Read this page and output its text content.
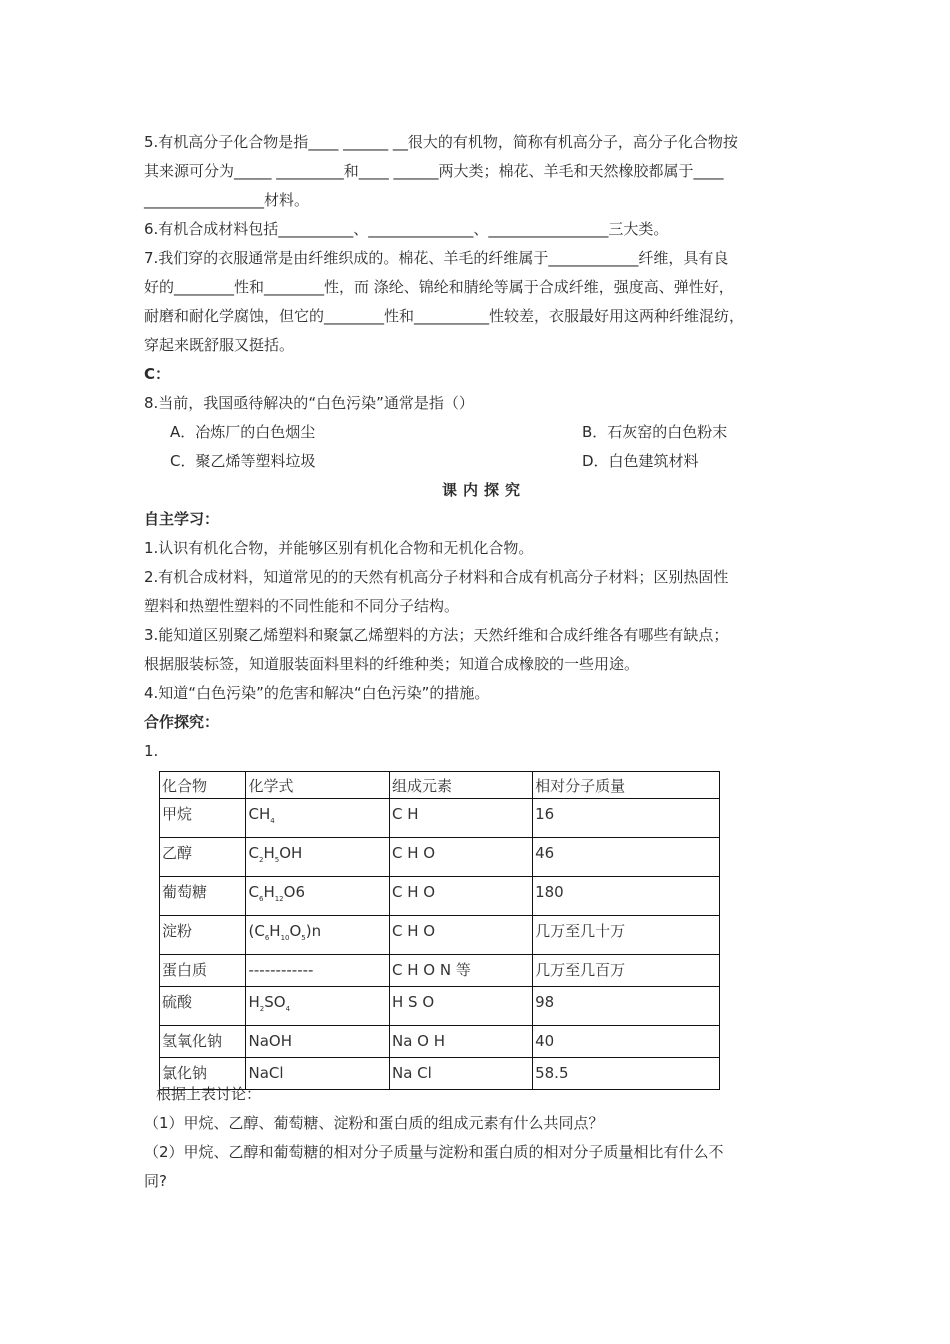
5.有机高分子化合物是指____ ______ __很大的有机物，简称有机高分子，高分子化合物按
其来源可分为_____ _________和____ ______两大类；棉花、羊毛和天然橡胶都属于____
________________材料。
6.有机合成材料包括__________、______________、________________三大类。
7.我们穿的衣服通常是由纤维织成的。棉花、羊毛的纤维属于____________纤维，具有良
好的________性和________性，而 涤纶、锦纶和腈纶等属于合成纤维，强度高、弹性好，
耐磨和耐化学腐蚀，但它的________性和__________性较差，衣服最好用这两种纤维混纺，
穿起来既舒服又挺括。
C：
8.当前，我国亟待解决的“白色污染”通常是指（）
A．冶炼厂的白色烟尘	B．石灰窑的白色粉末
C．聚乙烯等塑料垃圾	D．白色建筑材料
课内探究
自主学习：
1.认识有机化合物，并能够区别有机化合物和无机化合物。
2.有机合成材料，知道常见的的天然有机高分子材料和合成有机高分子材料；区别热固性
塑料和热塑性塑料的不同性能和不同分子结构。
3.能知道区别聚乙烯塑料和聚氯乙烯塑料的方法；天然纤维和合成纤维各有哪些有缺点；
根据服装标签，知道服装面料里料的纤维种类；知道合成橡胶的一些用途。
4.知道“白色污染”的危害和解决“白色污染”的措施。
合作探究：
1.
化合物	化学式	组成元素	相对分子质量
甲烷	$CH_4$	C H	16
乙醇	$C_2H_5OH$	C H O	46
葡萄糖	$C_6H_{12}O6$	C H O	180
淀粉	$(C_6H_{10}O_5)n$	C H O	几万至几十万
蛋白质	------------	C H O N 等	几万至几百万
硫酸	$H_2SO_4$	H S O	98
氢氧化钠	NaOH	Na O H	40
氯化钠	NaCl	Na Cl	58.5
根据上表讨论：
（1）甲烷、乙醇、葡萄糖、淀粉和蛋白质的组成元素有什么共同点？
（2）甲烷、乙醇和葡萄糖的相对分子质量与淀粉和蛋白质的相对分子质量相比有什么不
同?
